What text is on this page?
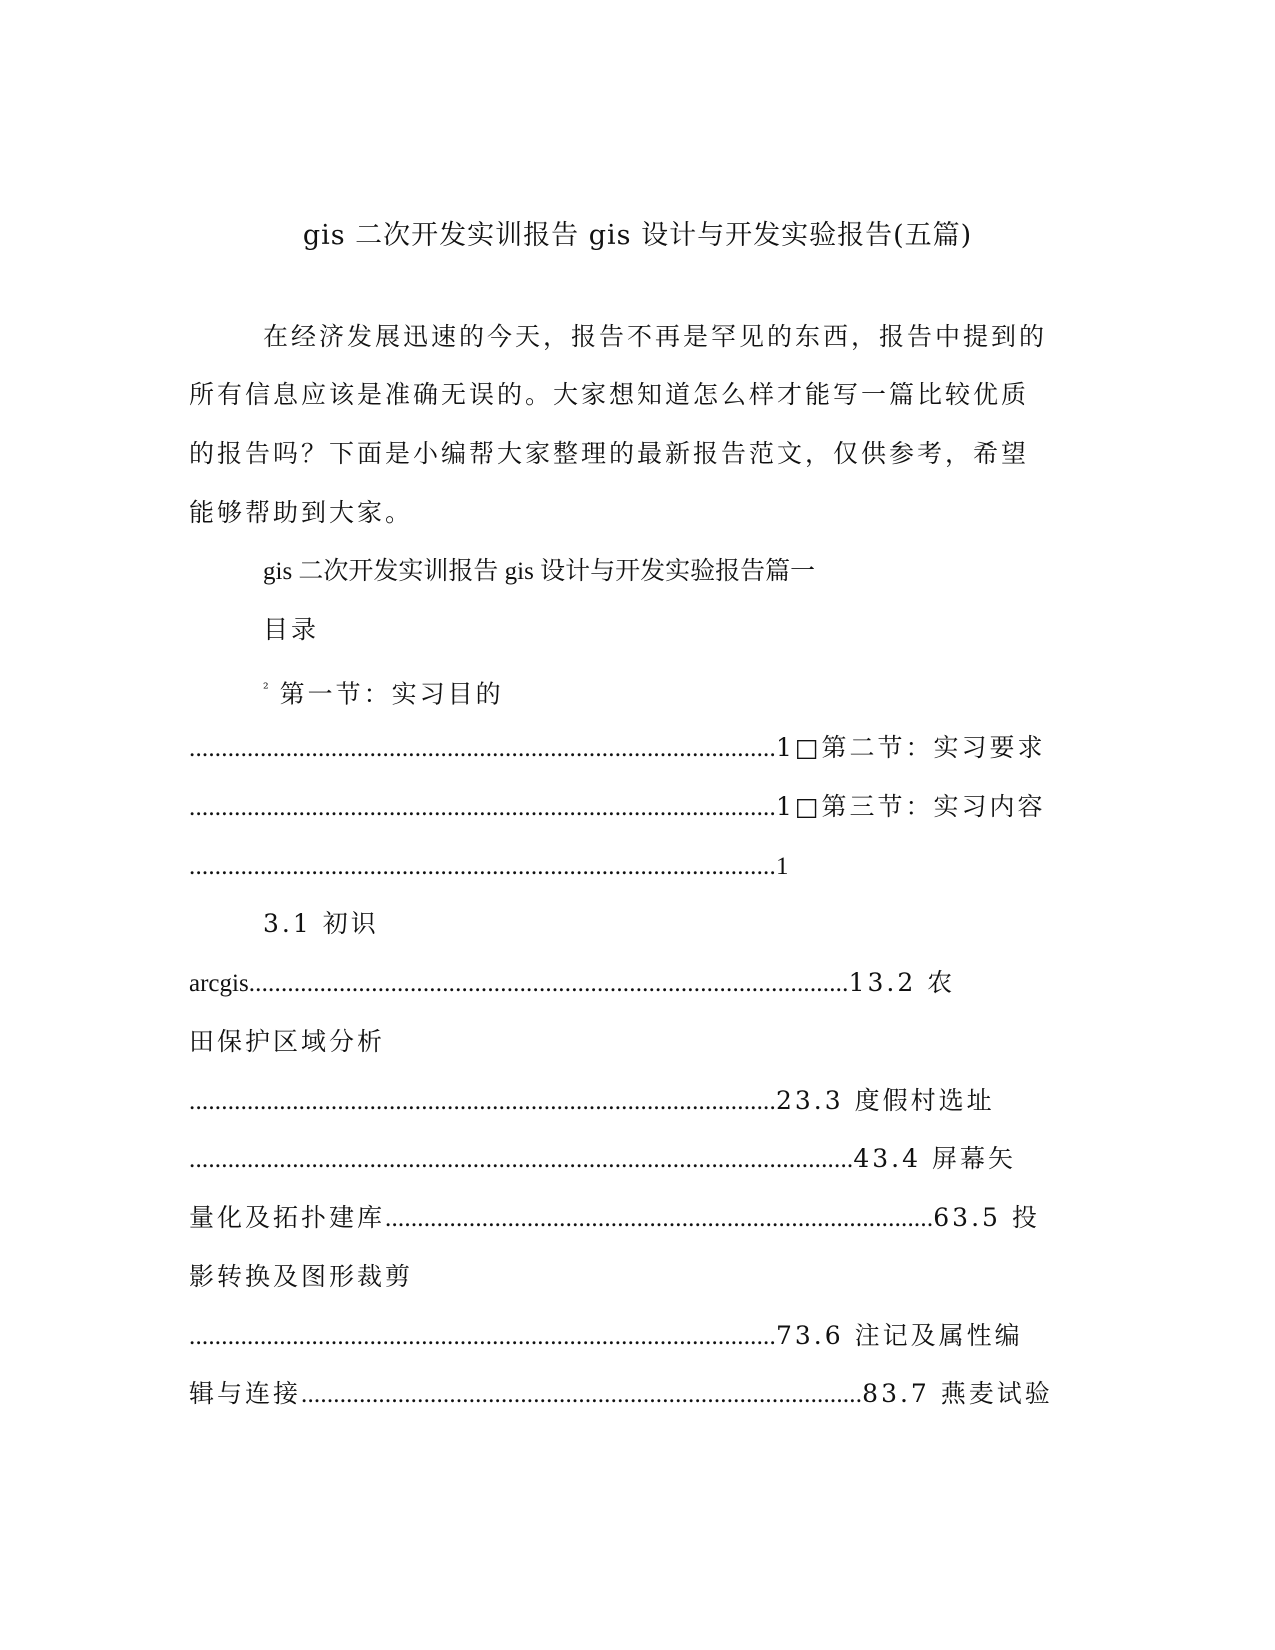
gis 二次开发实训报告 gis 设计与开发实验报告(五篇)
在经济发展迅速的今天，报告不再是罕见的东西，报告中提到的
所有信息应该是准确无误的。大家想知道怎么样才能写一篇比较优质
的报告吗？下面是小编帮大家整理的最新报告范文，仅供参考，希望
能够帮助到大家。
gis 二次开发实训报告 gis 设计与开发实验报告篇一
目录
$^{^2}$ 第一节：实习目的
...........................................................................................1□第二节：实习要求
...........................................................................................1□第三节：实习内容
...........................................................................................1
3.1 初识
arcgis.............................................................................................13.2 农
田保护区域分析
...........................................................................................23.3 度假村选址
.......................................................................................................43.4 屏幕矢
量化及拓扑建库.....................................................................................63.5 投
影转换及图形裁剪
...........................................................................................73.6 注记及属性编
辑与连接.......................................................................................83.7 燕麦试验
